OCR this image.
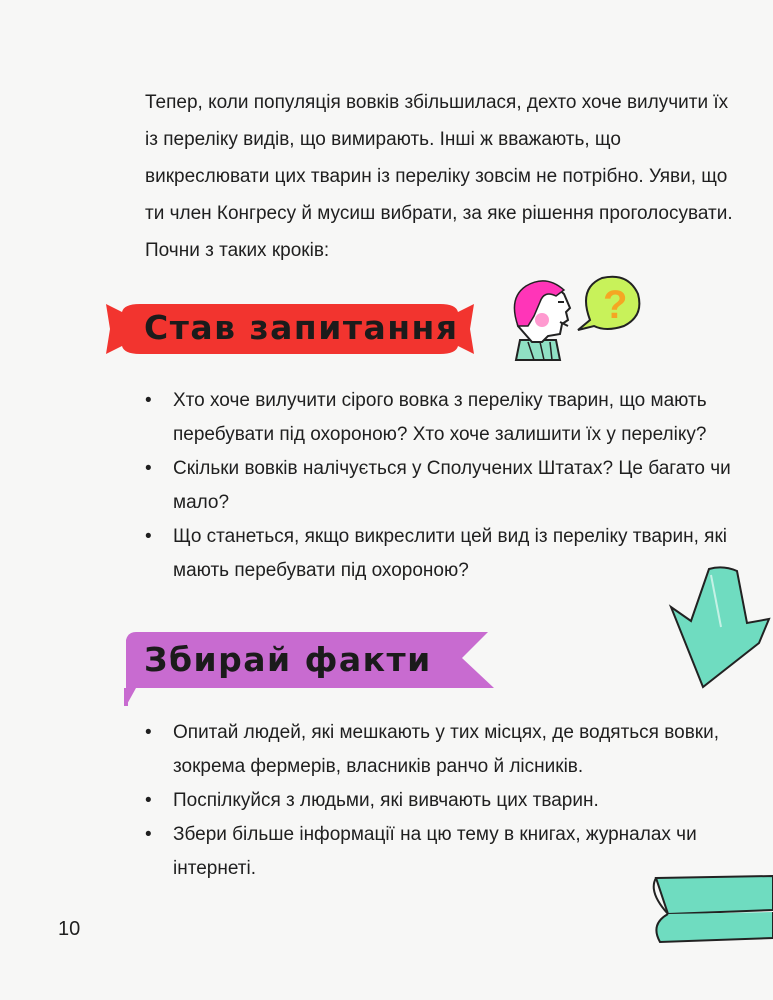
Тепер, коли популяція вовків збільшилася, дехто хоче вилучити їх із переліку видів, що вимирають. Інші ж вважають, що викреслювати цих тварин із переліку зовсім не потрібно. Уяви, що ти член Конгресу й мусиш вибрати, за яке рішення проголосувати. Почни з таких кроків:

Став запитання
?
• Хто хоче вилучити сірого вовка з переліку тварин, що мають перебувати під охороною? Хто хоче залишити їх у переліку?
• Скільки вовків налічується у Сполучених Штатах? Це багато чи мало?
• Що станеться, якщо викреслити цей вид із переліку тварин, які мають перебувати під охороною?
Збирай факти
• Опитай людей, які мешкають у тих місцях, де водяться вовки, зокрема фермерів, власників ранчо й лісників.
• Поспілкуйся з людьми, які вивчають цих тварин.
• Збери більше інформації на цю тему в книгах, журналах чи інтернеті.
10
